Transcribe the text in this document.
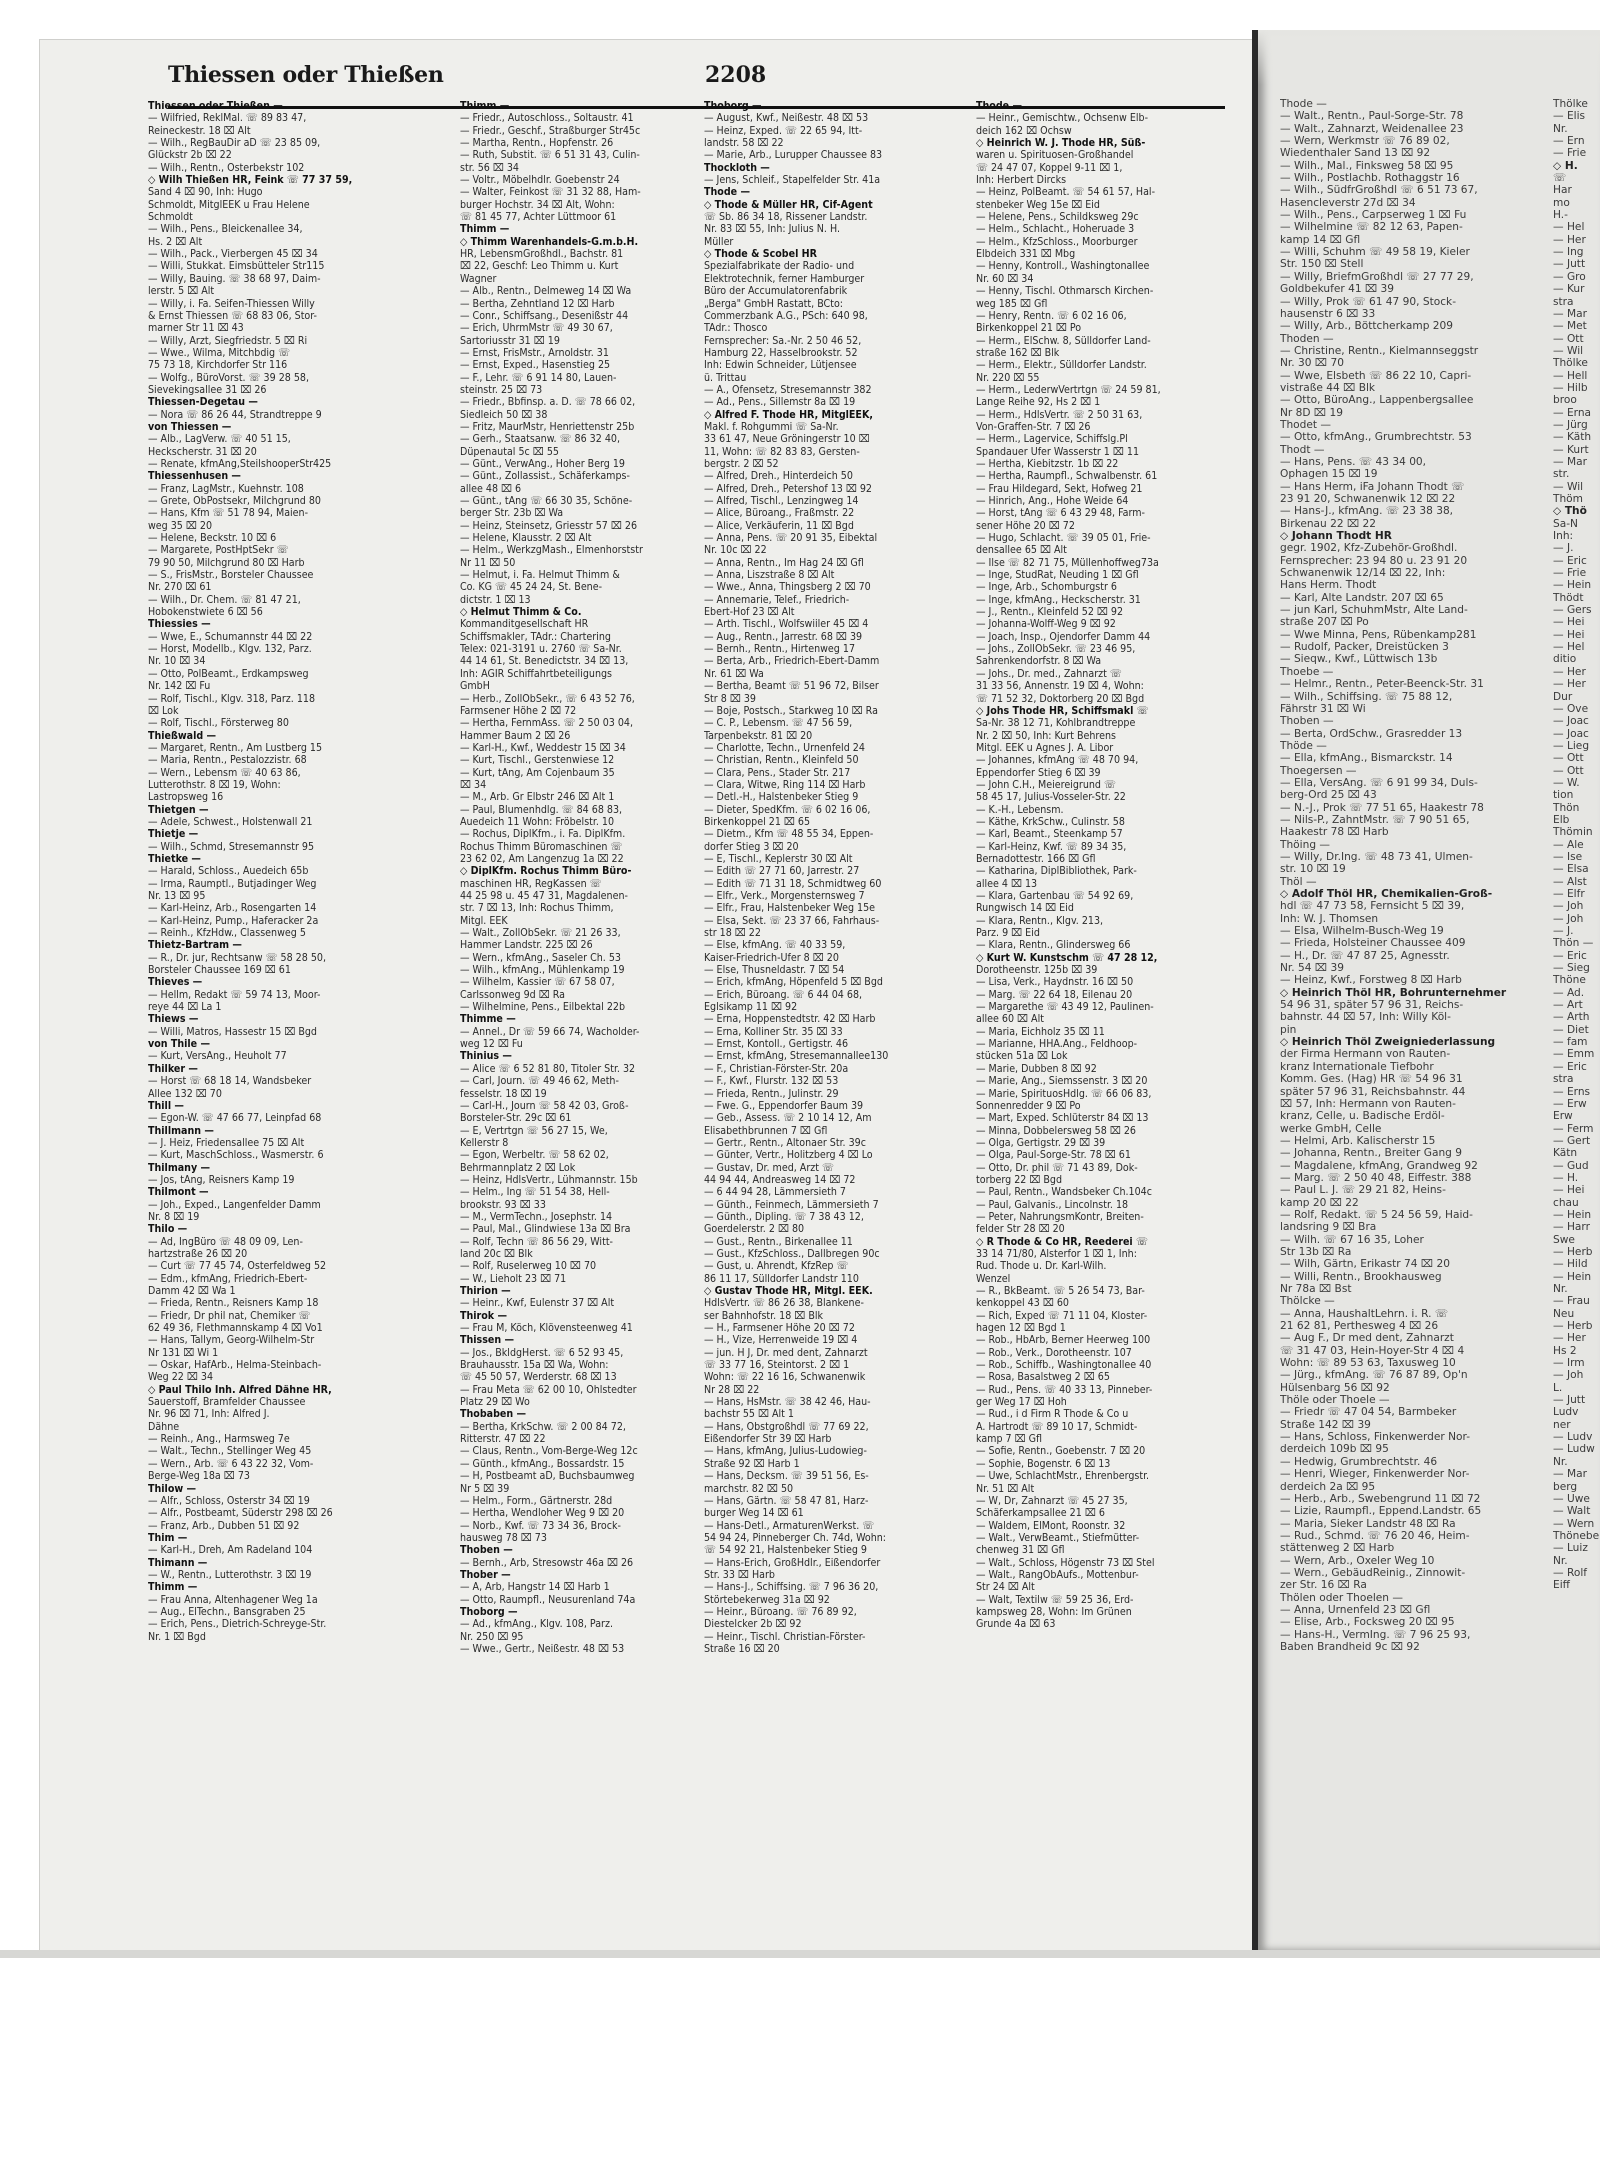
Thiessen oder Thießen	2208
Thiessen oder Thießen —
— Wilfried, ReklMal. ☏ 89 83 47,
Reineckestr. 18 ⌧ Alt
— Wilh., RegBauDir aD ☏ 23 85 09,
Glückstr 2b ⌧ 22
— Wilh., Rentn., Osterbekstr 102
◇ Wilh Thießen HR, Feink ☏ 77 37 59,
Sand 4 ⌧ 90, Inh: Hugo
Schmoldt, MitglEEK u Frau Helene
Schmoldt
— Wilh., Pens., Bleickenallee 34,
Hs. 2 ⌧ Alt
— Wilh., Pack., Vierbergen 45 ⌧ 34
— Willi, Stukkat. Eimsbütteler Str115
— Willy, Bauing. ☏ 38 68 97, Daim-
lerstr. 5 ⌧ Alt
— Willy, i. Fa. Seifen-Thiessen Willy
& Ernst Thiessen ☏ 68 83 06, Stor-
marner Str 11 ⌧ 43
— Willy, Arzt, Siegfriedstr. 5 ⌧ Ri
— Wwe., Wilma, Mitchbdig ☏
75 73 18, Kirchdorfer Str 116
— Wolfg., BüroVorst. ☏ 39 28 58,
Sievekingsallee 31 ⌧ 26
Thiessen-Degetau —
— Nora ☏ 86 26 44, Strandtreppe 9
von Thiessen —
— Alb., LagVerw. ☏ 40 51 15,
Heckscherstr. 31 ⌧ 20
— Renate, kfmAng,SteilshooperStr425
Thiessenhusen —
— Franz, LagMstr., Kuehnstr. 108
— Grete, ObPostsekr, Milchgrund 80
— Hans, Kfm ☏ 51 78 94, Maien-
weg 35 ⌧ 20
— Helene, Beckstr. 10 ⌧ 6
— Margarete, PostHptSekr ☏
79 90 50, Milchgrund 80 ⌧ Harb
— S., FrisMstr., Borsteler Chaussee
Nr. 270 ⌧ 61
— Wilh., Dr. Chem. ☏ 81 47 21,
Hobokenstwiete 6 ⌧ 56
Thiessies —
— Wwe, E., Schumannstr 44 ⌧ 22
— Horst, Modellb., Klgv. 132, Parz.
Nr. 10 ⌧ 34
— Otto, PolBeamt., Erdkampsweg
Nr. 142 ⌧ Fu
— Rolf, Tischl., Klgv. 318, Parz. 118
⌧ Lok
— Rolf, Tischl., Försterweg 80
Thießwald —
— Margaret, Rentn., Am Lustberg 15
— Maria, Rentn., Pestalozzistr. 68
— Wern., Lebensm ☏ 40 63 86,
Lutterothstr. 8 ⌧ 19, Wohn:
Lastropsweg 16
Thietgen —
— Adele, Schwest., Holstenwall 21
Thietje —
— Wilh., Schmd, Stresemannstr 95
Thietke —
— Harald, Schloss., Auedeich 65b
— Irma, Raumptl., Butjadinger Weg
Nr. 13 ⌧ 95
— Karl-Heinz, Arb., Rosengarten 14
— Karl-Heinz, Pump., Haferacker 2a
— Reinh., KfzHdw., Classenweg 5
Thietz-Bartram —
— R., Dr. jur, Rechtsanw ☏ 58 28 50,
Borsteler Chaussee 169 ⌧ 61
Thieves —
— Hellm, Redakt ☏ 59 74 13, Moor-
reye 44 ⌧ La 1
Thiews —
— Willi, Matros, Hassestr 15 ⌧ Bgd
von Thile —
— Kurt, VersAng., Heuholt 77
Thilker —
— Horst ☏ 68 18 14, Wandsbeker
Allee 132 ⌧ 70
Thill —
— Egon-W. ☏ 47 66 77, Leinpfad 68
Thillmann —
— J. Heiz, Friedensallee 75 ⌧ Alt
— Kurt, MaschSchloss., Wasmerstr. 6
Thilmany —
— Jos, tAng, Reisners Kamp 19
Thilmont —
— Joh., Exped., Langenfelder Damm
Nr. 8 ⌧ 19
Thilo —
— Ad, IngBüro ☏ 48 09 09, Len-
hartzstraße 26 ⌧ 20
— Curt ☏ 77 45 74, Osterfeldweg 52
— Edm., kfmAng, Friedrich-Ebert-
Damm 42 ⌧ Wa 1
— Frieda, Rentn., Reisners Kamp 18
— Friedr, Dr phil nat, Chemiker ☏
62 49 36, Flethmannskamp 4 ⌧ Vo1
— Hans, Tallym, Georg-Wilhelm-Str
Nr 131 ⌧ Wi 1
— Oskar, HafArb., Helma-Steinbach-
Weg 22 ⌧ 34
◇ Paul Thilo Inh. Alfred Dähne HR,
Sauerstoff, Bramfelder Chaussee
Nr. 96 ⌧ 71, Inh: Alfred J.
Dähne
— Reinh., Ang., Harmsweg 7e
— Walt., Techn., Stellinger Weg 45
— Wern., Arb. ☏ 6 43 22 32, Vom-
Berge-Weg 18a ⌧ 73
Thilow —
— Alfr., Schloss, Osterstr 34 ⌧ 19
— Alfr., Postbeamt, Süderstr 298 ⌧ 26
— Franz, Arb., Dubben 51 ⌧ 92
Thim —
— Karl-H., Dreh, Am Radeland 104
Thimann —
— W., Rentn., Lutterothstr. 3 ⌧ 19
Thimm —
— Frau Anna, Altenhagener Weg 1a
— Aug., ElTechn., Bansgraben 25
— Erich, Pens., Dietrich-Schreyge-Str.
Nr. 1 ⌧ Bgd
Thimm —
— Friedr., Autoschloss., Soltaustr. 41
— Friedr., Geschf., Straßburger Str45c
— Martha, Rentn., Hopfenstr. 26
— Ruth, Substit. ☏ 6 51 31 43, Culin-
str. 56 ⌧ 34
— Voltr., Möbelhdlr. Goebenstr 24
— Walter, Feinkost ☏ 31 32 88, Ham-
burger Hochstr. 34 ⌧ Alt, Wohn:
☏ 81 45 77, Achter Lüttmoor 61
Thimm —
◇ Thimm Warenhandels-G.m.b.H.
HR, LebensmGroßhdl., Bachstr. 81
⌧ 22, Geschf: Leo Thimm u. Kurt
Wagner
— Alb., Rentn., Delmeweg 14 ⌧ Wa
— Bertha, Zehntland 12 ⌧ Harb
— Conr., Schiffsang., Desenißstr 44
— Erich, UhrmMstr ☏ 49 30 67,
Sartoriusstr 31 ⌧ 19
— Ernst, FrisMstr., Arnoldstr. 31
— Ernst, Exped., Hasenstieg 25
— F., Lehr. ☏ 6 91 14 80, Lauen-
steinstr. 25 ⌧ 73
— Friedr., Bbfinsp. a. D. ☏ 78 66 02,
Siedleich 50 ⌧ 38
— Fritz, MaurMstr, Henriettenstr 25b
— Gerh., Staatsanw. ☏ 86 32 40,
Düpenautal 5c ⌧ 55
— Günt., VerwAng., Hoher Berg 19
— Günt., Zollassist., Schäferkamps-
allee 48 ⌧ 6
— Günt., tAng ☏ 66 30 35, Schöne-
berger Str. 23b ⌧ Wa
— Heinz, Steinsetz, Griesstr 57 ⌧ 26
— Helene, Klausstr. 2 ⌧ Alt
— Helm., WerkzgMash., Elmenhorststr
Nr 11 ⌧ 50
— Helmut, i. Fa. Helmut Thimm &
Co. KG ☏ 45 24 24, St. Bene-
dictstr. 1 ⌧ 13
◇ Helmut Thimm & Co.
Kommanditgesellschaft HR
Schiffsmakler, TAdr.: Chartering
Telex: 021-3191 u. 2760 ☏ Sa-Nr.
44 14 61, St. Benedictstr. 34 ⌧ 13,
Inh: AGIR Schiffahrtbeteiligungs
GmbH
— Herb., ZollObSekr., ☏ 6 43 52 76,
Farmsener Höhe 2 ⌧ 72
— Hertha, FernmAss. ☏ 2 50 03 04,
Hammer Baum 2 ⌧ 26
— Karl-H., Kwf., Weddestr 15 ⌧ 34
— Kurt, Tischl., Gerstenwiese 12
— Kurt, tAng, Am Cojenbaum 35
⌧ 34
— M., Arb. Gr Elbstr 246 ⌧ Alt 1
— Paul, Blumenhdlg. ☏ 84 68 83,
Auedeich 11 Wohn: Fröbelstr. 10
— Rochus, DiplKfm., i. Fa. DiplKfm.
Rochus Thimm Büromaschinen ☏
23 62 02, Am Langenzug 1a ⌧ 22
◇ DiplKfm. Rochus Thimm Büro-
maschinen HR, RegKassen ☏
44 25 98 u. 45 47 31, Magdalenen-
str. 7 ⌧ 13, Inh: Rochus Thimm,
Mitgl. EEK
— Walt., ZollObSekr. ☏ 21 26 33,
Hammer Landstr. 225 ⌧ 26
— Wern., kfmAng., Saseler Ch. 53
— Wilh., kfmAng., Mühlenkamp 19
— Wilhelm, Kassier ☏ 67 58 07,
Carlssonweg 9d ⌧ Ra
— Wilhelmine, Pens., Eilbektal 22b
Thimme —
— Annel., Dr ☏ 59 66 74, Wacholder-
weg 12 ⌧ Fu
Thinius —
— Alice ☏ 6 52 81 80, Titoler Str. 32
— Carl, Journ. ☏ 49 46 62, Meth-
fesselstr. 18 ⌧ 19
— Carl-H., Journ ☏ 58 42 03, Groß-
Borsteler-Str. 29c ⌧ 61
— E, Vertrtgn ☏ 56 27 15, We,
Kellerstr 8
— Egon, Werbeltr. ☏ 58 62 02,
Behrmannplatz 2 ⌧ Lok
— Heinz, HdlsVertr., Lühmannstr. 15b
— Helm., Ing ☏ 51 54 38, Hell-
brookstr. 93 ⌧ 33
— M., VermTechn., Josephstr. 14
— Paul, Mal., Glindwiese 13a ⌧ Bra
— Rolf, Techn ☏ 86 56 29, Witt-
land 20c ⌧ Blk
— Rolf, Ruselerweg 10 ⌧ 70
— W., Lieholt 23 ⌧ 71
Thirion —
— Heinr., Kwf, Eulenstr 37 ⌧ Alt
Thirok —
— Frau M, Köch, Klövensteenweg 41
Thissen —
— Jos., BkldgHerst. ☏ 6 52 93 45,
Brauhausstr. 15a ⌧ Wa, Wohn:
☏ 45 50 57, Werderstr. 68 ⌧ 13
— Frau Meta ☏ 62 00 10, Ohlstedter
Platz 29 ⌧ Wo
Thobaben —
— Bertha, KrkSchw. ☏ 2 00 84 72,
Ritterstr. 47 ⌧ 22
— Claus, Rentn., Vom-Berge-Weg 12c
— Günth., kfmAng., Bossardstr. 15
— H, Postbeamt aD, Buchsbaumweg
Nr 5 ⌧ 39
— Helm., Form., Gärtnerstr. 28d
— Hertha, Wendloher Weg 9 ⌧ 20
— Norb., Kwf. ☏ 73 34 36, Brock-
hausweg 78 ⌧ 73
Thoben —
— Bernh., Arb, Stresowstr 46a ⌧ 26
Thober —
— A, Arb, Hangstr 14 ⌧ Harb 1
— Otto, Raumpfl., Neusurenland 74a
Thoborg —
— Ad., kfmAng., Klgv. 108, Parz.
Nr. 250 ⌧ 95
— Wwe., Gertr., Neißestr. 48 ⌧ 53
Thoborg —
— August, Kwf., Neißestr. 48 ⌧ 53
— Heinz, Exped. ☏ 22 65 94, Itt-
landstr. 58 ⌧ 22
— Marie, Arb., Lurupper Chaussee 83
Thockloth —
— Jens, Schleif., Stapelfelder Str. 41a
Thode —
◇ Thode & Müller HR, Cif-Agent
☏ Sb. 86 34 18, Rissener Landstr.
Nr. 83 ⌧ 55, Inh: Julius N. H.
Müller
◇ Thode & Scobel HR
Spezialfabrikate der Radio- und
Elektrotechnik, ferner Hamburger
Büro der Accumulatorenfabrik
„Berga" GmbH Rastatt, BCto:
Commerzbank A.G., PSch: 640 98,
TAdr.: Thosco
Fernsprecher: Sa.-Nr. 2 50 46 52,
Hamburg 22, Hasselbrookstr. 52
Inh: Edwin Schneider, Lütjensee
ü. Trittau
— A., Ofensetz, Stresemannstr 382
— Ad., Pens., Sillemstr 8a ⌧ 19
◇ Alfred F. Thode HR, MitglEEK,
Makl. f. Rohgummi ☏ Sa-Nr.
33 61 47, Neue Gröningerstr 10 ⌧
11, Wohn: ☏ 82 83 83, Gersten-
bergstr. 2 ⌧ 52
— Alfred, Dreh., Hinterdeich 50
— Alfred, Dreh., Petershof 13 ⌧ 92
— Alfred, Tischl., Lenzingweg 14
— Alice, Büroang., Fraßmstr. 22
— Alice, Verkäuferin, 11 ⌧ Bgd
— Anna, Pens. ☏ 20 91 35, Eibektal
Nr. 10c ⌧ 22
— Anna, Rentn., Im Hag 24 ⌧ Gfl
— Anna, Liszstraße 8 ⌧ Alt
— Wwe., Anna, Thingsberg 2 ⌧ 70
— Annemarie, Telef., Friedrich-
Ebert-Hof 23 ⌧ Alt
— Arth. Tischl., Wolfswiiler 45 ⌧ 4
— Aug., Rentn., Jarrestr. 68 ⌧ 39
— Bernh., Rentn., Hirtenweg 17
— Berta, Arb., Friedrich-Ebert-Damm
Nr. 61 ⌧ Wa
— Bertha, Beamt ☏ 51 96 72, Bilser
Str 8 ⌧ 39
— Boje, Postsch., Starkweg 10 ⌧ Ra
— C. P., Lebensm. ☏ 47 56 59,
Tarpenbekstr. 81 ⌧ 20
— Charlotte, Techn., Urnenfeld 24
— Christian, Rentn., Kleinfeld 50
— Clara, Pens., Stader Str. 217
— Clara, Witwe, Ring 114 ⌧ Harb
— Detl.-H., Halstenbeker Stieg 9
— Dieter, SpedKfm. ☏ 6 02 16 06,
Birkenkoppel 21 ⌧ 65
— Dietm., Kfm ☏ 48 55 34, Eppen-
dorfer Stieg 3 ⌧ 20
— E, Tischl., Keplerstr 30 ⌧ Alt
— Edith ☏ 27 71 60, Jarrestr. 27
— Edith ☏ 71 31 18, Schmidtweg 60
— Elfr., Verk., Morgensternsweg 7
— Elfr., Frau, Halstenbeker Weg 15e
— Elsa, Sekt. ☏ 23 37 66, Fahrhaus-
str 18 ⌧ 22
— Else, kfmAng. ☏ 40 33 59,
Kaiser-Friedrich-Ufer 8 ⌧ 20
— Else, Thusneldastr. 7 ⌧ 54
— Erich, kfmAng, Höpenfeld 5 ⌧ Bgd
— Erich, Büroang. ☏ 6 44 04 68,
Eglsikamp 11 ⌧ 92
— Erna, Hoppenstedtstr. 42 ⌧ Harb
— Erna, Kolliner Str. 35 ⌧ 33
— Ernst, Kontoll., Gertigstr. 46
— Ernst, kfmAng, Stresemannallee130
— F., Christian-Förster-Str. 20a
— F., Kwf., Flurstr. 132 ⌧ 53
— Frieda, Rentn., Julinstr. 29
— Fwe. G., Eppendorfer Baum 39
— Geb., Assess. ☏ 2 10 14 12, Am
Elisabethbrunnen 7 ⌧ Gfl
— Gertr., Rentn., Altonaer Str. 39c
— Günter, Vertr., Holitzberg 4 ⌧ Lo
— Gustav, Dr. med, Arzt ☏
44 94 44, Andreasweg 14 ⌧ 72
— 6 44 94 28, Lämmersieth 7
— Günth., Feinmech, Lämmersieth 7
— Günth., Dipling. ☏ 7 38 43 12,
Goerdelerstr. 2 ⌧ 80
— Gust., Rentn., Birkenallee 11
— Gust., KfzSchloss., Dallbregen 90c
— Gust, u. Ahrendt, KfzRep ☏
86 11 17, Sülldorfer Landstr 110
◇ Gustav Thode HR, Mitgl. EEK.
HdlsVertr. ☏ 86 26 38, Blankene-
ser Bahnhofstr. 18 ⌧ Blk
— H., Farmsener Höhe 20 ⌧ 72
— H., Vize, Herrenweide 19 ⌧ 4
— jun. H J, Dr. med dent, Zahnarzt
☏ 33 77 16, Steintorst. 2 ⌧ 1
Wohn: ☏ 22 16 16, Schwanenwik
Nr 28 ⌧ 22
— Hans, HsMstr. ☏ 38 42 46, Hau-
bachstr 55 ⌧ Alt 1
— Hans, Obstgroßhdl ☏ 77 69 22,
Eißendorfer Str 39 ⌧ Harb
— Hans, kfmAng, Julius-Ludowieg-
Straße 92 ⌧ Harb 1
— Hans, Decksm. ☏ 39 51 56, Es-
marchstr. 82 ⌧ 50
— Hans, Gärtn. ☏ 58 47 81, Harz-
burger Weg 14 ⌧ 61
— Hans-Detl., ArmaturenWerkst. ☏
54 94 24, Pinneberger Ch. 74d, Wohn:
☏ 54 92 21, Halstenbeker Stieg 9
— Hans-Erich, GroßHdlr., Eißendorfer
Str. 33 ⌧ Harb
— Hans-J., Schiffsing. ☏ 7 96 36 20,
Störtebekerweg 31a ⌧ 92
— Heinr., Büroang. ☏ 76 89 92,
Diestelcker 2b ⌧ 92
— Heinr., Tischl. Christian-Förster-
Straße 16 ⌧ 20
Thode —
— Heinr., Gemischtw., Ochsenw Elb-
deich 162 ⌧ Ochsw
◇ Heinrich W. J. Thode HR, Süß-
waren u. Spirituosen-Großhandel
☏ 24 47 07, Koppel 9-11 ⌧ 1,
Inh: Herbert Dircks
— Heinz, PolBeamt. ☏ 54 61 57, Hal-
stenbeker Weg 15e ⌧ Eid
— Helene, Pens., Schildksweg 29c
— Helm., Schlacht., Hoheruade 3
— Helm., KfzSchloss., Moorburger
Elbdeich 331 ⌧ Mbg
— Henny, Kontroll., Washingtonallee
Nr. 60 ⌧ 34
— Henny, Tischl. Othmarsch Kirchen-
weg 185 ⌧ Gfl
— Henry, Rentn. ☏ 6 02 16 06,
Birkenkoppel 21 ⌧ Po
— Herm., ElSchw. 8, Sülldorfer Land-
straße 162 ⌧ Blk
— Herm., Elektr., Sülldorfer Landstr.
Nr. 220 ⌧ 55
— Herm., LederwVertrtgn ☏ 24 59 81,
Lange Reihe 92, Hs 2 ⌧ 1
— Herm., HdlsVertr. ☏ 2 50 31 63,
Von-Graffen-Str. 7 ⌧ 26
— Herm., Lagervice, Schiffslg.Pl
Spandauer Ufer Wasserstr 1 ⌧ 11
— Hertha, Kiebitzstr. 1b ⌧ 22
— Hertha, Raumpfl., Schwalbenstr. 61
— Frau Hildegard, Sekt, Hofweg 21
— Hinrich, Ang., Hohe Weide 64
— Horst, tAng ☏ 6 43 29 48, Farm-
sener Höhe 20 ⌧ 72
— Hugo, Schlacht. ☏ 39 05 01, Frie-
densallee 65 ⌧ Alt
— Ilse ☏ 82 71 75, Müllenhoffweg73a
— Inge, StudRat, Neuding 1 ⌧ Gfl
— Inge, Arb., Schomburgstr 6
— Inge, kfmAng., Heckscherstr. 31
— J., Rentn., Kleinfeld 52 ⌧ 92
— Johanna-Wolff-Weg 9 ⌧ 92
— Joach, Insp., Ojendorfer Damm 44
— Johs., ZollObSekr. ☏ 23 46 95,
Sahrenkendorfstr. 8 ⌧ Wa
— Johs., Dr. med., Zahnarzt ☏
31 33 56, Annenstr. 19 ⌧ 4, Wohn:
☏ 71 52 32, Doktorberg 20 ⌧ Bgd
◇ Johs Thode HR, Schiffsmakl ☏
Sa-Nr. 38 12 71, Kohlbrandtreppe
Nr. 2 ⌧ 50, Inh: Kurt Behrens
Mitgl. EEK u Agnes J. A. Libor
— Johannes, kfmAng ☏ 48 70 94,
Eppendorfer Stieg 6 ⌧ 39
— John C.H., Meiereigrund ☏
58 45 17, Julius-Vosseler-Str. 22
— K.-H., Lebensm.
— Käthe, KrkSchw., Culinstr. 58
— Karl, Beamt., Steenkamp 57
— Karl-Heinz, Kwf. ☏ 89 34 35,
Bernadottestr. 166 ⌧ Gfl
— Katharina, DiplBibliothek, Park-
allee 4 ⌧ 13
— Klara, Gartenbau ☏ 54 92 69,
Rungwisch 14 ⌧ Eid
— Klara, Rentn., Klgv. 213,
Parz. 9 ⌧ Eid
— Klara, Rentn., Glindersweg 66
◇ Kurt W. Kunstschm ☏ 47 28 12,
Dorotheenstr. 125b ⌧ 39
— Lisa, Verk., Haydnstr. 16 ⌧ 50
— Marg. ☏ 22 64 18, Eilenau 20
— Margarethe ☏ 43 49 12, Paulinen-
allee 60 ⌧ Alt
— Maria, Eichholz 35 ⌧ 11
— Marianne, HHA.Ang., Feldhoop-
stücken 51a ⌧ Lok
— Marie, Dubben 8 ⌧ 92
— Marie, Ang., Siemssenstr. 3 ⌧ 20
— Marie, SpirituosHdlg. ☏ 66 06 83,
Sonnenredder 9 ⌧ Po
— Mart, Exped. Schlüterstr 84 ⌧ 13
— Minna, Dobbelersweg 58 ⌧ 26
— Olga, Gertigstr. 29 ⌧ 39
— Olga, Paul-Sorge-Str. 78 ⌧ 61
— Otto, Dr. phil ☏ 71 43 89, Dok-
torberg 22 ⌧ Bgd
— Paul, Rentn., Wandsbeker Ch.104c
— Paul, Galvanis., Lincolnstr. 18
— Peter, NahrungsmKontr, Breiten-
felder Str 28 ⌧ 20
◇ R Thode & Co HR, Reederei ☏
33 14 71/80, Alsterfor 1 ⌧ 1, Inh:
Rud. Thode u. Dr. Karl-Wilh.
Wenzel
— R., BkBeamt. ☏ 5 26 54 73, Bar-
kenkoppel 43 ⌧ 60
— Rich, Exped ☏ 71 11 04, Kloster-
hagen 12 ⌧ Bgd 1
— Rob., HbArb, Berner Heerweg 100
— Rob., Verk., Dorotheenstr. 107
— Rob., Schiffb., Washingtonallee 40
— Rosa, Basalstweg 2 ⌧ 65
— Rud., Pens. ☏ 40 33 13, Pinneber-
ger Weg 17 ⌧ Hoh
— Rud., i d Firm R Thode & Co u
A. Hartrodt ☏ 89 10 17, Schmidt-
kamp 7 ⌧ Gfl
— Sofie, Rentn., Goebenstr. 7 ⌧ 20
— Sophie, Bogenstr. 6 ⌧ 13
— Uwe, SchlachtMstr., Ehrenbergstr.
Nr. 51 ⌧ Alt
— W, Dr, Zahnarzt ☏ 45 27 35,
Schäferkampsallee 21 ⌧ 6
— Waldem, ElMont, Roonstr. 32
— Walt., VerwBeamt., Stiefmütter-
chenweg 31 ⌧ Gfl
— Walt., Schloss, Högenstr 73 ⌧ Stel
— Walt., RangObAufs., Mottenbur-
Str 24 ⌧ Alt
— Walt, Textilw ☏ 59 25 36, Erd-
kampsweg 28, Wohn: Im Grünen
Grunde 4a ⌧ 63
Thode —
— Walt., Rentn., Paul-Sorge-Str. 78
— Walt., Zahnarzt, Weidenallee 23
— Wern, Werkmstr ☏ 76 89 02,
Wiedenthaler Sand 13 ⌧ 92
— Wilh., Mal., Finksweg 58 ⌧ 95
— Wilh., Postlachb. Rothaggstr 16
— Wilh., SüdfrGroßhdl ☏ 6 51 73 67,
Hasencleverstr 27d ⌧ 34
— Wilh., Pens., Carpserweg 1 ⌧ Fu
— Wilhelmine ☏ 82 12 63, Papen-
kamp 14 ⌧ Gfl
— Willi, Schuhm ☏ 49 58 19, Kieler
Str. 150 ⌧ Stell
— Willy, BriefmGroßhdl ☏ 27 77 29,
Goldbekufer 41 ⌧ 39
— Willy, Prok ☏ 61 47 90, Stock-
hausenstr 6 ⌧ 33
— Willy, Arb., Böttcherkamp 209
Thoden —
— Christine, Rentn., Kielmannseggstr
Nr. 30 ⌧ 70
— Wwe, Elsbeth ☏ 86 22 10, Capri-
vistraße 44 ⌧ Blk
— Otto, BüroAng., Lappenbergsallee
Nr 8D ⌧ 19
Thodet —
— Otto, kfmAng., Grumbrechtstr. 53
Thodt —
— Hans, Pens. ☏ 43 34 00,
Ophagen 15 ⌧ 19
— Hans Herm, iFa Johann Thodt ☏
23 91 20, Schwanenwik 12 ⌧ 22
— Hans-J., kfmAng. ☏ 23 38 38,
Birkenau 22 ⌧ 22
◇ Johann Thodt HR
gegr. 1902, Kfz-Zubehör-Großhdl.
Fernsprecher: 23 94 80 u. 23 91 20
Schwanenwik 12/14 ⌧ 22, Inh:
Hans Herm. Thodt
— Karl, Alte Landstr. 207 ⌧ 65
— jun Karl, SchuhmMstr, Alte Land-
straße 207 ⌧ Po
— Wwe Minna, Pens, Rübenkamp281
— Rudolf, Packer, Dreistücken 3
— Sieqw., Kwf., Lüttwisch 13b
Thoebe —
— Helmr., Rentn., Peter-Beenck-Str. 31
— Wilh., Schiffsing. ☏ 75 88 12,
Fährstr 31 ⌧ Wi
Thoben —
— Berta, OrdSchw., Grasredder 13
Thöde —
— Ella, kfmAng., Bismarckstr. 14
Thoegersen —
— Ella, VersAng. ☏ 6 91 99 34, Duls-
berg-Ord 25 ⌧ 43
— N.-J., Prok ☏ 77 51 65, Haakestr 78
— Nils-P., ZahntMstr. ☏ 7 90 51 65,
Haakestr 78 ⌧ Harb
Thöing —
— Willy, Dr.Ing. ☏ 48 73 41, Ulmen-
str. 10 ⌧ 19
Thöl —
◇ Adolf Thöl HR, Chemikalien-Groß-
hdl ☏ 47 73 58, Fernsicht 5 ⌧ 39,
Inh: W. J. Thomsen
— Elsa, Wilhelm-Busch-Weg 19
— Frieda, Holsteiner Chaussee 409
— H., Dr. ☏ 47 87 25, Agnesstr.
Nr. 54 ⌧ 39
— Heinz, Kwf., Forstweg 8 ⌧ Harb
◇ Heinrich Thöl HR, Bohrunternehmer
54 96 31, später 57 96 31, Reichs-
bahnstr. 44 ⌧ 57, Inh: Willy Köl-
pin
◇ Heinrich Thöl Zweigniederlassung
der Firma Hermann von Rauten-
kranz Internationale Tiefbohr
Komm. Ges. (Hag) HR ☏ 54 96 31
später 57 96 31, Reichsbahnstr. 44
⌧ 57, Inh: Hermann von Rauten-
kranz, Celle, u. Badische Erdöl-
werke GmbH, Celle
— Helmi, Arb. Kalischerstr 15
— Johanna, Rentn., Breiter Gang 9
— Magdalene, kfmAng, Grandweg 92
— Marg. ☏ 2 50 40 48, Eiffestr. 388
— Paul L. J. ☏ 29 21 82, Heins-
kamp 20 ⌧ 22
— Rolf, Redakt. ☏ 5 24 56 59, Haid-
landsring 9 ⌧ Bra
— Wilh. ☏ 67 16 35, Loher
Str 13b ⌧ Ra
— Wilh, Gärtn, Erikastr 74 ⌧ 20
— Willi, Rentn., Brookhausweg
Nr 78a ⌧ Bst
Thölcke —
— Anna, HaushaltLehrn. i. R. ☏
21 62 81, Perthesweg 4 ⌧ 26
— Aug F., Dr med dent, Zahnarzt
☏ 31 47 03, Hein-Hoyer-Str 4 ⌧ 4
Wohn: ☏ 89 53 63, Taxusweg 10
— Jürg., kfmAng. ☏ 76 87 89, Op'n
Hülsenbarg 56 ⌧ 92
Thöle oder Thoele —
— Friedr ☏ 47 04 54, Barmbeker
Straße 142 ⌧ 39
— Hans, Schloss, Finkenwerder Nor-
derdeich 109b ⌧ 95
— Hedwig, Grumbrechtstr. 46
— Henri, Wieger, Finkenwerder Nor-
derdeich 2a ⌧ 95
— Herb., Arb., Swebengrund 11 ⌧ 72
— Lizie, Raumpfl., Eppend.Landstr. 65
— Maria, Sieker Landstr 48 ⌧ Ra
— Rud., Schmd. ☏ 76 20 46, Heim-
stättenweg 2 ⌧ Harb
— Wern, Arb., Oxeler Weg 10
— Wern., GebäudReinig., Zinnowit-
zer Str. 16 ⌧ Ra
Thölen oder Thoelen —
— Anna, Urnenfeld 23 ⌧ Gfl
— Elise, Arb., Focksweg 20 ⌧ 95
— Hans-H., VermIng. ☏ 7 96 25 93,
Baben Brandheid 9c ⌧ 92
Thölke
— Elis
Nr.
— Ern
— Frie
◇ H.
☏
Har
mo
H.-
— Hel
— Her
— Ing
— Jutt
— Gro
— Kur
stra
— Mar
— Met
— Ott
— Wil
Thölke
— Hell
— Hilb
broo
— Erna
— Jürg
— Käth
— Kurt
— Mar
str.
— Wil
Thöm
◇ Thö
Sa-N
Inh:
— J.
— Eric
— Frie
— Hein
Thödt
— Gers
— Hei
— Hei
— Hel
ditio
— Her
— Her
Dur
— Ove
— Joac
— Joac
— Lieg
— Ott
— Ott
— W.
tion
Thön
Elb
Thömin
— Ale
— Ise
— Elsa
— Alst
— Elfr
— Joh
— Joh
— J.
Thön —
— Eric
— Sieg
Thöne
— Ad.
— Art
— Arth
— Diet
— fam
— Emm
— Eric
stra
— Erns
— Erw
Erw
— Ferm
— Gert
Kätn
— Gud
— H.
— Hei
chau
— Hein
— Harr
Swe
— Herb
— Hild
— Hein
Nr.
— Frau
Neu
— Herb
— Her
Hs 2
— Irm
— Joh
L.
— Jutt
Ludv
ner
— Ludv
— Ludw
Nr.
— Mar
berg
— Uwe
— Walt
— Wern
Thönebe
— Luiz
Nr.
— Rolf
Eiff
